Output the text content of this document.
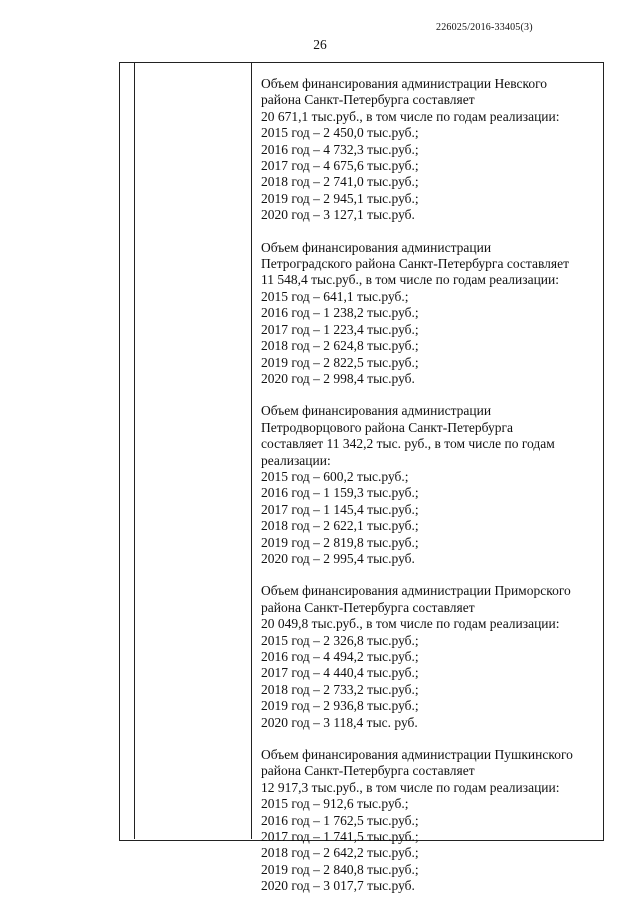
226025/2016-33405(3)
26
Объем финансирования администрации Невского
района Санкт-Петербурга составляет
20 671,1 тыс.руб., в том числе по годам реализации:
2015 год – 2 450,0 тыс.руб.;
2016 год – 4 732,3 тыс.руб.;
2017 год – 4 675,6 тыс.руб.;
2018 год – 2 741,0 тыс.руб.;
2019 год – 2 945,1 тыс.руб.;
2020 год – 3 127,1 тыс.руб.
Объем финансирования администрации
Петроградского района Санкт-Петербурга составляет
11 548,4 тыс.руб., в том числе по годам реализации:
2015 год – 641,1 тыс.руб.;
2016 год – 1 238,2 тыс.руб.;
2017 год – 1 223,4 тыс.руб.;
2018 год – 2 624,8 тыс.руб.;
2019 год – 2 822,5 тыс.руб.;
2020 год – 2 998,4 тыс.руб.
Объем финансирования администрации
Петродворцового района Санкт-Петербурга
составляет 11 342,2 тыс. руб., в том числе по годам
реализации:
2015 год – 600,2 тыс.руб.;
2016 год – 1 159,3 тыс.руб.;
2017 год – 1 145,4 тыс.руб.;
2018 год – 2 622,1 тыс.руб.;
2019 год – 2 819,8 тыс.руб.;
2020 год – 2 995,4 тыс.руб.
Объем финансирования администрации Приморского
района Санкт-Петербурга составляет
20 049,8 тыс.руб., в том числе по годам реализации:
2015 год – 2 326,8 тыс.руб.;
2016 год – 4 494,2 тыс.руб.;
2017 год – 4 440,4 тыс.руб.;
2018 год – 2 733,2 тыс.руб.;
2019 год – 2 936,8 тыс.руб.;
2020 год – 3 118,4 тыс. руб.
Объем финансирования администрации Пушкинского
района Санкт-Петербурга составляет
12 917,3 тыс.руб., в том числе по годам реализации:
2015 год – 912,6 тыс.руб.;
2016 год – 1 762,5 тыс.руб.;
2017 год – 1 741,5 тыс.руб.;
2018 год – 2 642,2 тыс.руб.;
2019 год – 2 840,8 тыс.руб.;
2020 год – 3 017,7 тыс.руб.
